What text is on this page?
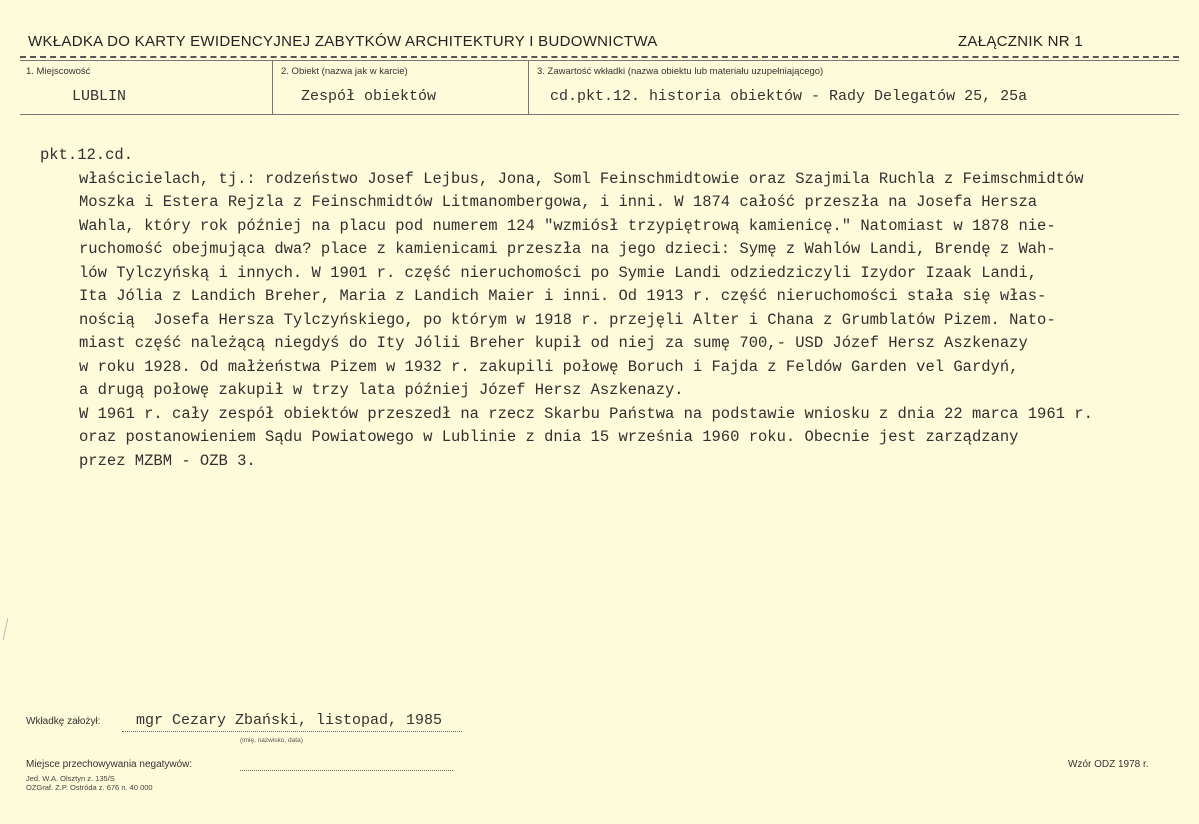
WKŁADKA DO KARTY EWIDENCYJNEJ ZABYTKÓW ARCHITEKTURY I BUDOWNICTWA	ZAŁĄCZNIK NR 1
1. Miejscowość
LUBLIN
2. Obiekt (nazwa jak w karcie)
Zespół obiektów
3. Zawartość wkładki (nazwa obiektu lub materiału uzupełniającego)
cd.pkt.12. historia obiektów - Rady Delegatów 25, 25a
pkt.12.cd.
właścicielach, tj.: rodzeństwo Josef Lejbus, Jona, Soml Feinschmidtowie oraz Szajmila Ruchla z Feimschmidtów
Moszka i Estera Rejzla z Feinschmidtów Litmanombergowa, i inni. W 1874 całość przeszła na Josefa Hersza
Wahla, który rok później na placu pod numerem 124 "wzmiósł trzypiętrową kamienicę." Natomiast w 1878 nie-
ruchomość obejmująca dwa? place z kamienicami przeszła na jego dzieci: Symę z Wahlów Landi, Brendę z Wah-
lów Tylczyńską i innych. W 1901 r. część nieruchomości po Symie Landi odziedziczyli Izydor Izaak Landi,
Ita Jólia z Landich Breher, Maria z Landich Maier i inni. Od 1913 r. część nieruchomości stała się włas-
nością  Josefa Hersza Tylczyńskiego, po którym w 1918 r. przejęli Alter i Chana z Grumblatów Pizem. Nato-
miast część należącą niegdyś do Ity Jólii Breher kupił od niej za sumę 700,- USD Józef Hersz Aszkenazy
w roku 1928. Od małżeństwa Pizem w 1932 r. zakupili połowę Boruch i Fajda z Feldów Garden vel Gardyń,
a drugą połowę zakupił w trzy lata później Józef Hersz Aszkenazy.
W 1961 r. cały zespół obiektów przeszedł na rzecz Skarbu Państwa na podstawie wniosku z dnia 22 marca 1961 r.
oraz postanowieniem Sądu Powiatowego w Lublinie z dnia 15 września 1960 roku. Obecnie jest zarządzany
przez MZBM - OZB 3.
Wkładkę założył: mgr Cezary Zbański, listopad, 1985
(imię, nazwisko, data)
Miejsce przechowywania negatywów:
Jed. W.A. Olsztyn z. 135/S
OZGraf. Z.P. Ostróda z. 676 n. 40 000
Wzór ODZ 1978 r.
